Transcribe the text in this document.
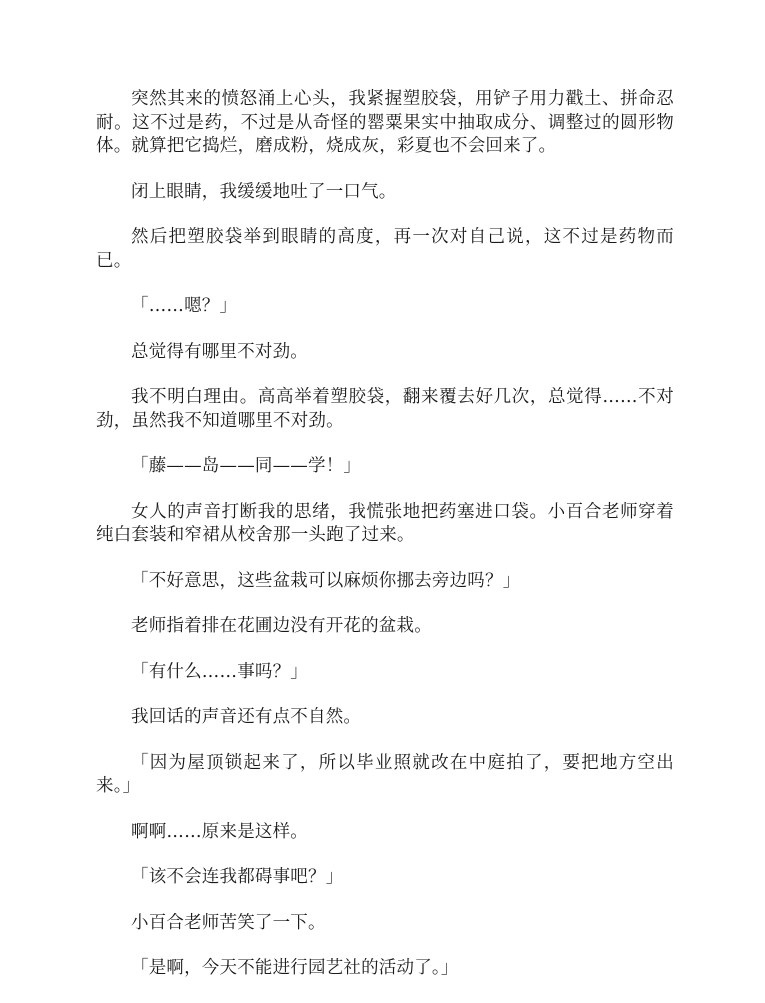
突然其来的愤怒涌上心头，我紧握塑胶袋，用铲子用力戳土、拼命忍耐。这不过是药，不过是从奇怪的罂粟果实中抽取成分、调整过的圆形物体。就算把它捣烂，磨成粉，烧成灰，彩夏也不会回来了。

闭上眼睛，我缓缓地吐了一口气。

然后把塑胶袋举到眼睛的高度，再一次对自己说，这不过是药物而已。

「……嗯？」

总觉得有哪里不对劲。

我不明白理由。高高举着塑胶袋，翻来覆去好几次，总觉得……不对劲，虽然我不知道哪里不对劲。

「藤——岛——同——学！」

女人的声音打断我的思绪，我慌张地把药塞进口袋。小百合老师穿着纯白套装和窄裙从校舍那一头跑了过来。

「不好意思，这些盆栽可以麻烦你挪去旁边吗？」

老师指着排在花圃边没有开花的盆栽。

「有什么……事吗？」

我回话的声音还有点不自然。

「因为屋顶锁起来了，所以毕业照就改在中庭拍了，要把地方空出来。」

啊啊……原来是这样。

「该不会连我都碍事吧？」

小百合老师苦笑了一下。

「是啊，今天不能进行园艺社的活动了。」
